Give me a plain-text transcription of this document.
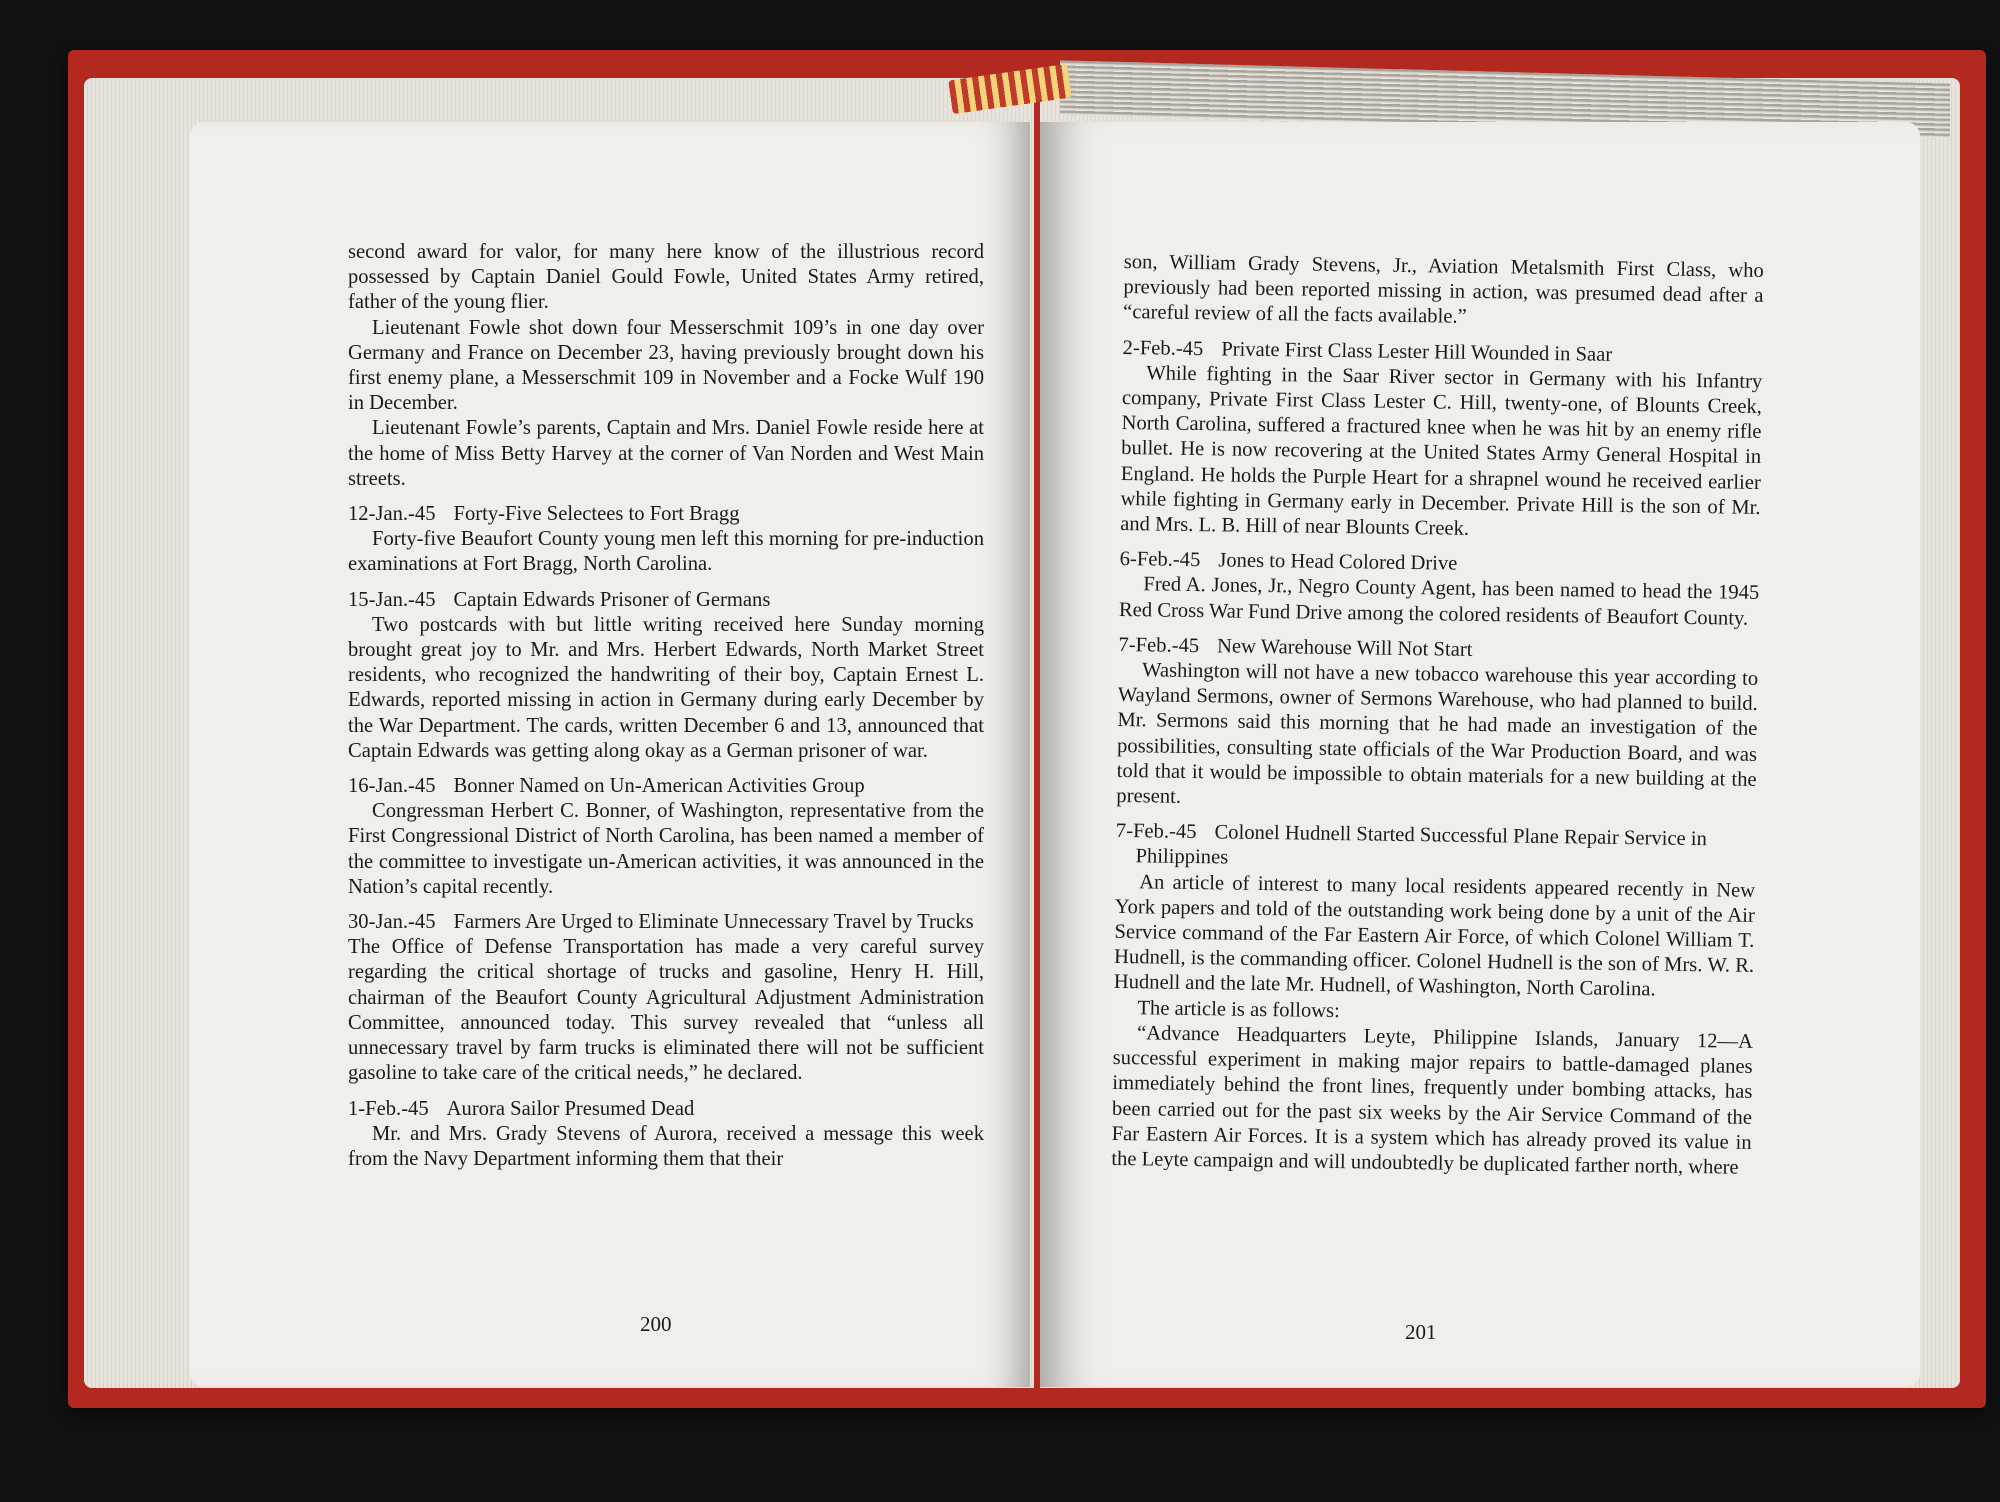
second award for valor, for many here know of the illustrious record possessed by Captain Daniel Gould Fowle, United States Army retired, father of the young flier.

Lieutenant Fowle shot down four Messerschmit 109’s in one day over Germany and France on December 23, having previously brought down his first enemy plane, a Messerschmit 109 in November and a Focke Wulf 190 in December.

Lieutenant Fowle’s parents, Captain and Mrs. Daniel Fowle reside here at the home of Miss Betty Harvey at the corner of Van Norden and West Main streets.

12-Jan.-45 Forty-Five Selectees to Fort Bragg

Forty-five Beaufort County young men left this morning for pre-induction examinations at Fort Bragg, North Carolina.

15-Jan.-45 Captain Edwards Prisoner of Germans

Two postcards with but little writing received here Sunday morning brought great joy to Mr. and Mrs. Herbert Edwards, North Market Street residents, who recognized the handwriting of their boy, Captain Ernest L. Edwards, reported missing in action in Germany during early December by the War Department. The cards, written December 6 and 13, announced that Captain Edwards was getting along okay as a German prisoner of war.

16-Jan.-45 Bonner Named on Un-American Activities Group

Congressman Herbert C. Bonner, of Washington, representative from the First Congressional District of North Carolina, has been named a member of the committee to investigate un-American activities, it was announced in the Nation’s capital recently.

30-Jan.-45 Farmers Are Urged to Eliminate Unnecessary Travel by Trucks

The Office of Defense Transportation has made a very careful survey regarding the critical shortage of trucks and gasoline, Henry H. Hill, chairman of the Beaufort County Agricultural Adjustment Administration Committee, announced today. This survey revealed that “unless all unnecessary travel by farm trucks is eliminated there will not be sufficient gasoline to take care of the critical needs,” he declared.

1-Feb.-45 Aurora Sailor Presumed Dead

Mr. and Mrs. Grady Stevens of Aurora, received a message this week from the Navy Department informing them that their

200

son, William Grady Stevens, Jr., Aviation Metalsmith First Class, who previously had been reported missing in action, was presumed dead after a “careful review of all the facts available.”

2-Feb.-45 Private First Class Lester Hill Wounded in Saar

While fighting in the Saar River sector in Germany with his Infantry company, Private First Class Lester C. Hill, twenty-one, of Blounts Creek, North Carolina, suffered a fractured knee when he was hit by an enemy rifle bullet. He is now recovering at the United States Army General Hospital in England. He holds the Purple Heart for a shrapnel wound he received earlier while fighting in Germany early in December. Private Hill is the son of Mr. and Mrs. L. B. Hill of near Blounts Creek.

6-Feb.-45 Jones to Head Colored Drive

Fred A. Jones, Jr., Negro County Agent, has been named to head the 1945 Red Cross War Fund Drive among the colored residents of Beaufort County.

7-Feb.-45 New Warehouse Will Not Start

Washington will not have a new tobacco warehouse this year according to Wayland Sermons, owner of Sermons Warehouse, who had planned to build. Mr. Sermons said this morning that he had made an investigation of the possibilities, consulting state officials of the War Production Board, and was told that it would be impossible to obtain materials for a new building at the present.

7-Feb.-45 Colonel Hudnell Started Successful Plane Repair Service in Philippines

An article of interest to many local residents appeared recently in New York papers and told of the outstanding work being done by a unit of the Air Service command of the Far Eastern Air Force, of which Colonel William T. Hudnell, is the commanding officer. Colonel Hudnell is the son of Mrs. W. R. Hudnell and the late Mr. Hudnell, of Washington, North Carolina.

The article is as follows:

“Advance Headquarters Leyte, Philippine Islands, January 12—A successful experiment in making major repairs to battle-damaged planes immediately behind the front lines, frequently under bombing attacks, has been carried out for the past six weeks by the Air Service Command of the Far Eastern Air Forces. It is a system which has already proved its value in the Leyte campaign and will undoubtedly be duplicated farther north, where

201
